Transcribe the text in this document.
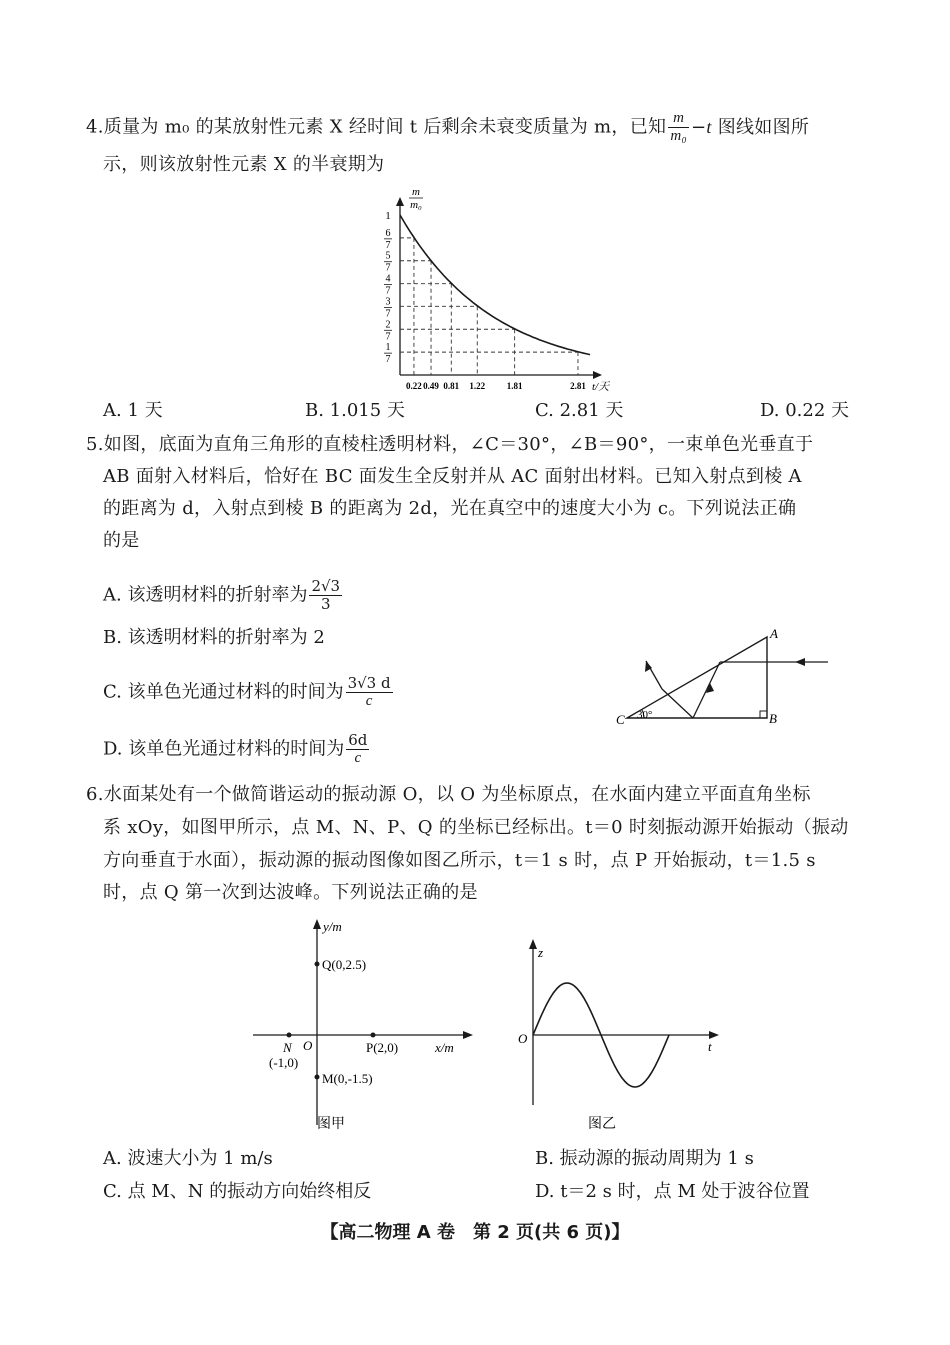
4.质量为 m₀ 的某放射性元素 X 经时间 t 后剩余未衰变质量为 m，已知 $\frac{m}{\text{m₀}} -t$ 图线如图所
示，则该放射性元素 X 的半衰期为
1
6
7
5
7
4
7
3
7
2
7
1
7
0.22 0.49 0.81 1.22 1.81	2.81
m
m₀
t/天
A. 1 天	B. 1.015 天	C. 2.81 天	D. 0.22 天
5.如图，底面为直角三角形的直棱柱透明材料，∠C＝30°，∠B＝90°，一束单色光垂直于
AB 面射入材料后，恰好在 BC 面发生全反射并从 AC 面射出材料。已知入射点到棱 A
的距离为 d，入射点到棱 B 的距离为 2d，光在真空中的速度大小为 c。下列说法正确
的是
A. 该透明材料的折射率为 $\frac{2√3}{3}$
B. 该透明材料的折射率为 2
C. 该单色光通过材料的时间为 $\frac{3√3 d}{c}$
D. 该单色光通过材料的时间为 $\frac{6d}{c}$
A
B
C 30°
6.水面某处有一个做简谐运动的振动源 O，以 O 为坐标原点，在水面内建立平面直角坐标
系 xOy，如图甲所示，点 M、N、P、Q 的坐标已经标出。t＝0 时刻振动源开始振动（振动
方向垂直于水面），振动源的振动图像如图乙所示，t＝1 s 时，点 P 开始振动，t＝1.5 s
时，点 Q 第一次到达波峰。下列说法正确的是
y/m
x/m
O
Q(0,2.5)
N
(-1,0)
P(2,0)
M(0,-1.5)
图甲
z
t
O
图乙
A. 波速大小为 1 m/s	B. 振动源的振动周期为 1 s
C. 点 M、N 的振动方向始终相反	D. t＝2 s 时，点 M 处于波谷位置
【高二物理 A 卷　第 2 页(共 6 页)】
